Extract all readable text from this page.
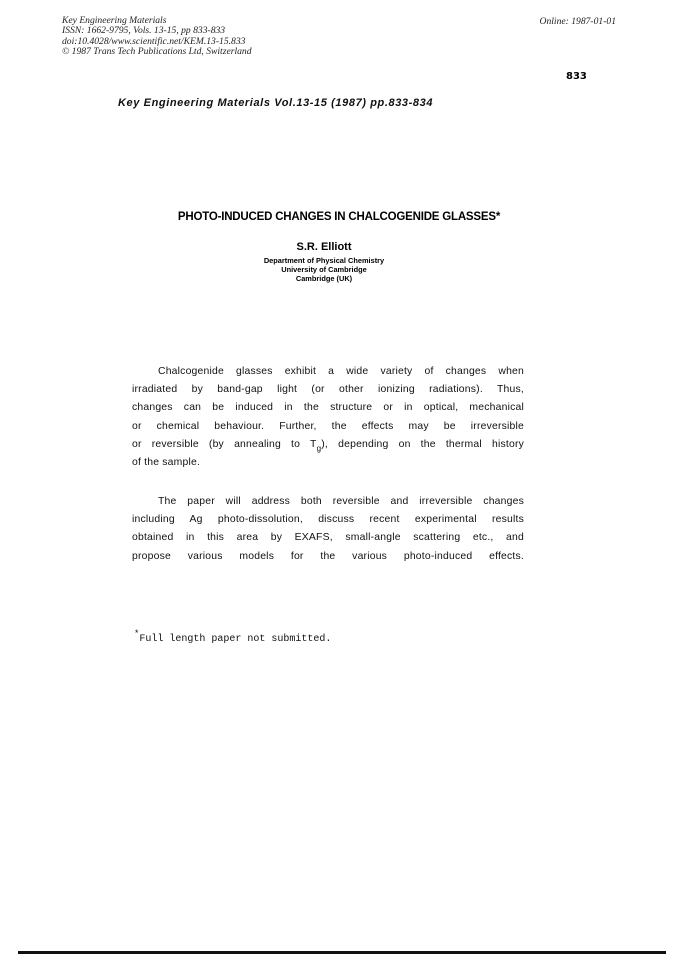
Key Engineering Materials
ISSN: 1662-9795, Vols. 13-15, pp 833-833
doi:10.4028/www.scientific.net/KEM.13-15.833
© 1987 Trans Tech Publications Ltd, Switzerland
Online: 1987-01-01
833
Key Engineering Materials Vol.13-15 (1987) pp.833-834
PHOTO-INDUCED CHANGES IN CHALCOGENIDE GLASSES*
S.R. Elliott
Department of Physical Chemistry
University of Cambridge
Cambridge (UK)
Chalcogenide glasses exhibit a wide variety of changes when
irradiated by band-gap light (or other ionizing radiations). Thus,
changes can be induced in the structure or in optical, mechanical
or chemical behaviour. Further, the effects may be irreversible
or reversible (by annealing to $T_g$), depending on the thermal history
of the sample.
The paper will address both reversible and irreversible changes
including Ag photo-dissolution, discuss recent experimental results
obtained in this area by EXAFS, small-angle scattering etc., and
propose various models for the various photo-induced effects.
*Full length paper not submitted.
